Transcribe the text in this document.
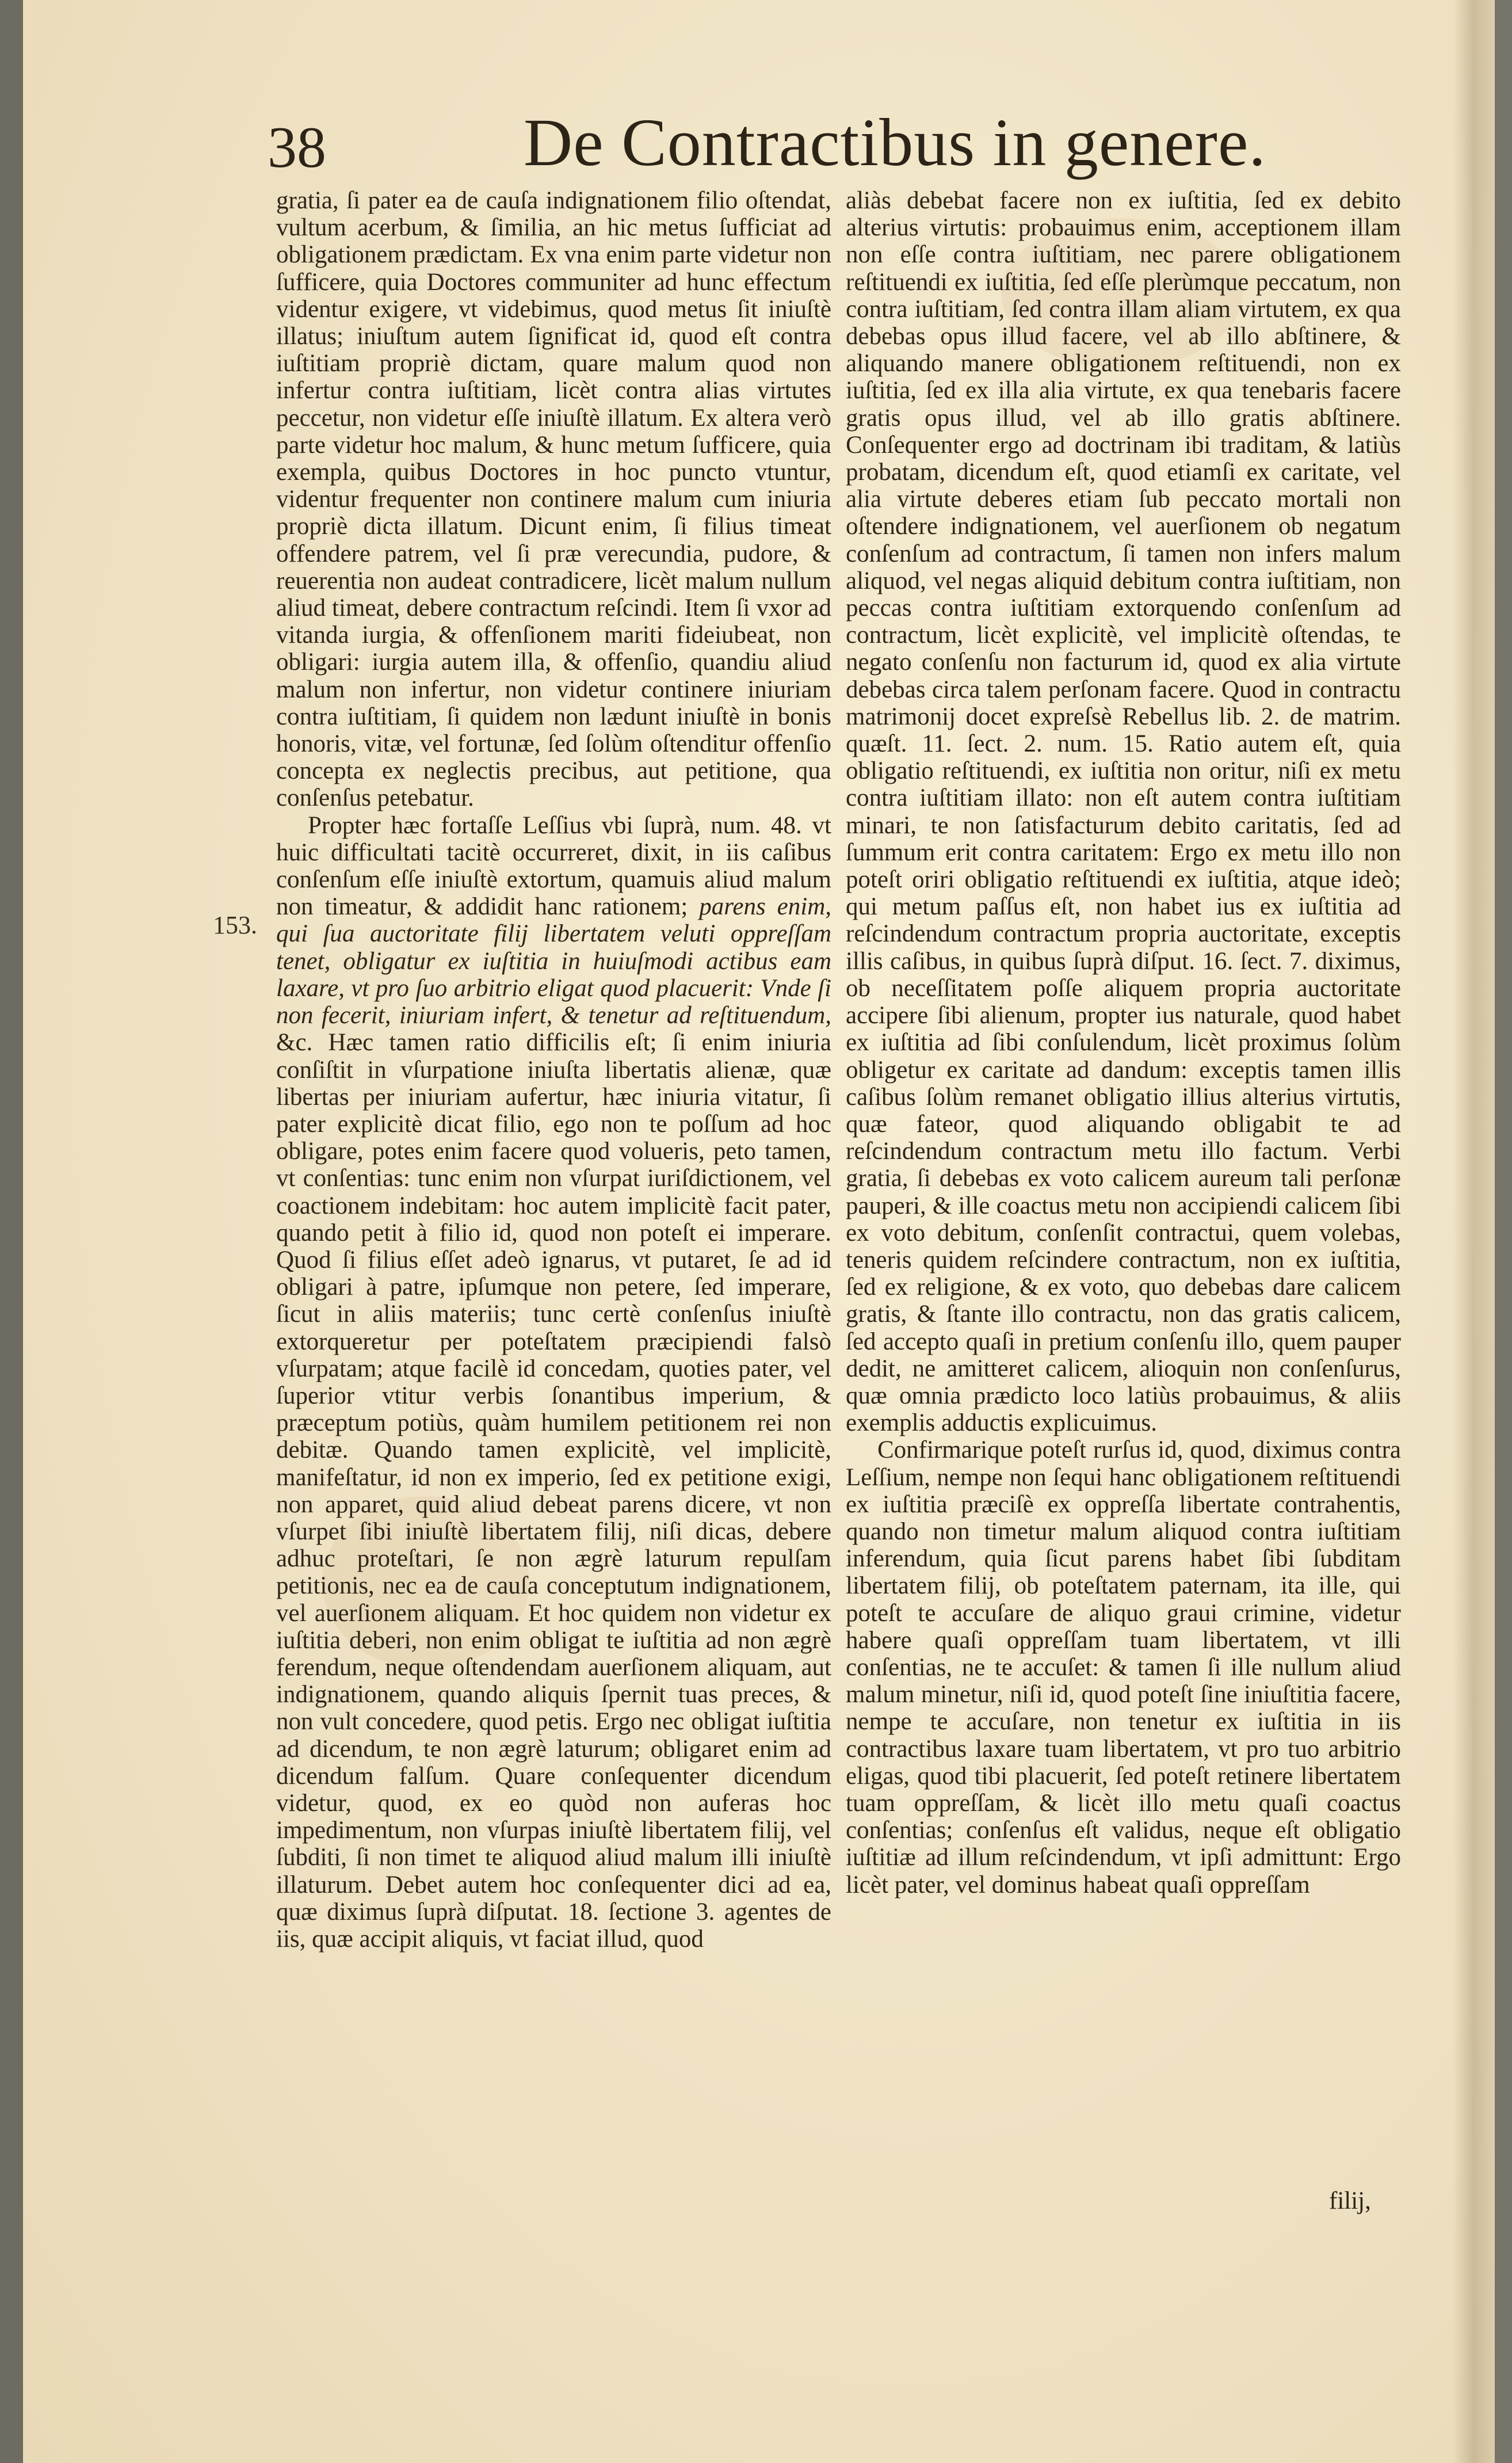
38	De Contractibus in genere.
153.

gratia, ſi pater ea de cauſa indignationem filio oſtendat, vultum acerbum, & ſimilia, an hic metus ſufficiat ad obligationem prædictam. Ex vna enim parte videtur non ſufficere, quia Doctores communiter ad hunc effectum videntur exigere, vt videbimus, quod metus ſit iniuſtè illatus; iniuſtum autem ſignificat id, quod eſt contra iuſtitiam propriè dictam, quare malum quod non infertur contra iuſtitiam, licèt contra alias virtutes peccetur, non videtur eſſe iniuſtè illatum. Ex altera verò parte videtur hoc malum, & hunc metum ſufficere, quia exempla, quibus Doctores in hoc puncto vtuntur, videntur frequenter non continere malum cum iniuria propriè dicta illatum. Dicunt enim, ſi filius timeat offendere patrem, vel ſi præ verecundia, pudore, & reuerentia non audeat contradicere, licèt malum nullum aliud timeat, debere contractum reſcindi. Item ſi vxor ad vitanda iurgia, & offenſionem mariti fideiubeat, non obligari: iurgia autem illa, & offenſio, quandiu aliud malum non infertur, non videtur continere iniuriam contra iuſtitiam, ſi quidem non lædunt iniuſtè in bonis honoris, vitæ, vel fortunæ, ſed ſolùm oſtenditur offenſio concepta ex neglectis precibus, aut petitione, qua conſenſus petebatur.

Propter hæc fortaſſe Leſſius vbi ſuprà, num. 48. vt huic difficultati tacitè occurreret, dixit, in iis caſibus conſenſum eſſe iniuſtè extortum, quamuis aliud malum non timeatur, & addidit hanc rationem; parens enim, qui ſua auctoritate filij libertatem veluti oppreſſam tenet, obligatur ex iuſtitia in huiuſmodi actibus eam laxare, vt pro ſuo arbitrio eligat quod placuerit: Vnde ſi non fecerit, iniuriam infert, & tenetur ad reſtituendum, &c. Hæc tamen ratio difficilis eſt; ſi enim iniuria conſiſtit in vſurpatione iniuſta libertatis alienæ, quæ libertas per iniuriam aufertur, hæc iniuria vitatur, ſi pater explicitè dicat filio, ego non te poſſum ad hoc obligare, potes enim facere quod volueris, peto tamen, vt conſentias: tunc enim non vſurpat iuriſdictionem, vel coactionem indebitam: hoc autem implicitè facit pater, quando petit à filio id, quod non poteſt ei imperare. Quod ſi filius eſſet adeò ignarus, vt putaret, ſe ad id obligari à patre, ipſumque non petere, ſed imperare, ſicut in aliis materiis; tunc certè conſenſus iniuſtè extorqueretur per poteſtatem præcipiendi falsò vſurpatam; atque facilè id concedam, quoties pater, vel ſuperior vtitur verbis ſonantibus imperium, & præceptum potiùs, quàm humilem petitionem rei non debitæ. Quando tamen explicitè, vel implicitè, manifeſtatur, id non ex imperio, ſed ex petitione exigi, non apparet, quid aliud debeat parens dicere, vt non vſurpet ſibi iniuſtè libertatem filij, niſi dicas, debere adhuc proteſtari, ſe non ægrè laturum repulſam petitionis, nec ea de cauſa conceptutum indignationem, vel auerſionem aliquam. Et hoc quidem non videtur ex iuſtitia deberi, non enim obligat te iuſtitia ad non ægrè ferendum, neque oſtendendam auerſionem aliquam, aut indignationem, quando aliquis ſpernit tuas preces, & non vult concedere, quod petis. Ergo nec obligat iuſtitia ad dicendum, te non ægrè laturum; obligaret enim ad dicendum falſum. Quare conſequenter dicendum videtur, quod, ex eo quòd non auferas hoc impedimentum, non vſurpas iniuſtè libertatem filij, vel ſubditi, ſi non timet te aliquod aliud malum illi iniuſtè illaturum. Debet autem hoc conſequenter dici ad ea, quæ diximus ſuprà diſputat. 18. ſectione 3. agentes de iis, quæ accipit aliquis, vt faciat illud, quod

aliàs debebat facere non ex iuſtitia, ſed ex debito alterius virtutis: probauimus enim, acceptionem illam non eſſe contra iuſtitiam, nec parere obligationem reſtituendi ex iuſtitia, ſed eſſe plerùmque peccatum, non contra iuſtitiam, ſed contra illam aliam virtutem, ex qua debebas opus illud facere, vel ab illo abſtinere, & aliquando manere obligationem reſtituendi, non ex iuſtitia, ſed ex illa alia virtute, ex qua tenebaris facere gratis opus illud, vel ab illo gratis abſtinere. Conſequenter ergo ad doctrinam ibi traditam, & latiùs probatam, dicendum eſt, quod etiamſi ex caritate, vel alia virtute deberes etiam ſub peccato mortali non oſtendere indignationem, vel auerſionem ob negatum conſenſum ad contractum, ſi tamen non infers malum aliquod, vel negas aliquid debitum contra iuſtitiam, non peccas contra iuſtitiam extorquendo conſenſum ad contractum, licèt explicitè, vel implicitè oſtendas, te negato conſenſu non facturum id, quod ex alia virtute debebas circa talem perſonam facere. Quod in contractu matrimonij docet expreſsè Rebellus lib. 2. de matrim. quæſt. 11. ſect. 2. num. 15. Ratio autem eſt, quia obligatio reſtituendi, ex iuſtitia non oritur, niſi ex metu contra iuſtitiam illato: non eſt autem contra iuſtitiam minari, te non ſatisfacturum debito caritatis, ſed ad ſummum erit contra caritatem: Ergo ex metu illo non poteſt oriri obligatio reſtituendi ex iuſtitia, atque ideò; qui metum paſſus eſt, non habet ius ex iuſtitia ad reſcindendum contractum propria auctoritate, exceptis illis caſibus, in quibus ſuprà diſput. 16. ſect. 7. diximus, ob neceſſitatem poſſe aliquem propria auctoritate accipere ſibi alienum, propter ius naturale, quod habet ex iuſtitia ad ſibi conſulendum, licèt proximus ſolùm obligetur ex caritate ad dandum: exceptis tamen illis caſibus ſolùm remanet obligatio illius alterius virtutis, quæ fateor, quod aliquando obligabit te ad reſcindendum contractum metu illo factum. Verbi gratia, ſi debebas ex voto calicem aureum tali perſonæ pauperi, & ille coactus metu non accipiendi calicem ſibi ex voto debitum, conſenſit contractui, quem volebas, teneris quidem reſcindere contractum, non ex iuſtitia, ſed ex religione, & ex voto, quo debebas dare calicem gratis, & ſtante illo contractu, non das gratis calicem, ſed accepto quaſi in pretium conſenſu illo, quem pauper dedit, ne amitteret calicem, alioquin non conſenſurus, quæ omnia prædicto loco latiùs probauimus, & aliis exemplis adductis explicuimus.

Confirmarique poteſt rurſus id, quod, diximus contra Leſſium, nempe non ſequi hanc obligationem reſtituendi ex iuſtitia præciſè ex oppreſſa libertate contrahentis, quando non timetur malum aliquod contra iuſtitiam inferendum, quia ſicut parens habet ſibi ſubditam libertatem filij, ob poteſtatem paternam, ita ille, qui poteſt te accuſare de aliquo graui crimine, videtur habere quaſi oppreſſam tuam libertatem, vt illi conſentias, ne te accuſet: & tamen ſi ille nullum aliud malum minetur, niſi id, quod poteſt ſine iniuſtitia facere, nempe te accuſare, non tenetur ex iuſtitia in iis contractibus laxare tuam libertatem, vt pro tuo arbitrio eligas, quod tibi placuerit, ſed poteſt retinere libertatem tuam oppreſſam, & licèt illo metu quaſi coactus conſentias; conſenſus eſt validus, neque eſt obligatio iuſtitiæ ad illum reſcindendum, vt ipſi admittunt: Ergo licèt pater, vel dominus habeat quaſi oppreſſam

filij,
